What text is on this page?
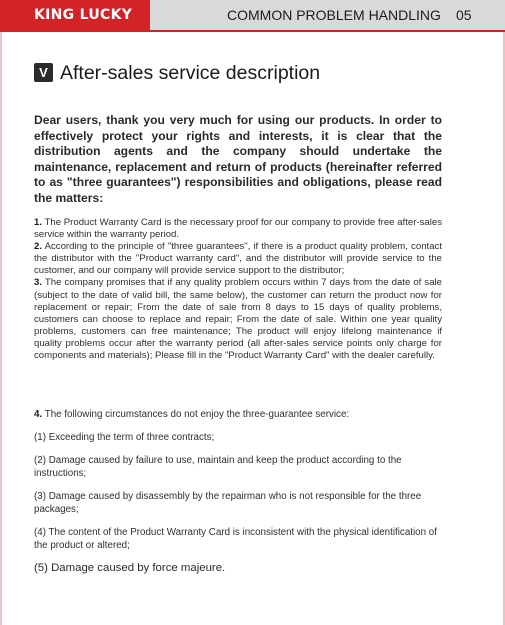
KING LUCKY	COMMON PROBLEM HANDLING 05
V After-sales service description
Dear users, thank you very much for using our products. In order to effectively protect your rights and interests, it is clear that the distribution agents and the company should undertake the maintenance, replacement and return of products (hereinafter referred to as "three guarantees") responsibilities and obligations, please read the matters:

1. The Product Warranty Card is the necessary proof for our company to provide free after-sales service within the warranty period.

2. According to the principle of "three guarantees", if there is a product quality problem, contact the distributor with the "Product warranty card", and the distributor will provide service to the customer, and our company will provide service support to the distributor;

3. The company promises that if any quality problem occurs within 7 days from the date of sale (subject to the date of valid bill, the same below), the customer can return the product now for replacement or repair; From the date of sale from 8 days to 15 days of quality problems, customers can choose to replace and repair; From the date of sale. Within one year quality problems, customers can free maintenance; The product will enjoy lifelong maintenance if quality problems occur after the warranty period (all after-sales service points only charge for components and materials); Please fill in the "Product Warranty Card" with the dealer carefully.

4. The following circumstances do not enjoy the three-guarantee service:

(1) Exceeding the term of three contracts;

(2) Damage caused by failure to use, maintain and keep the product according to the instructions;

(3) Damage caused by disassembly by the repairman who is not responsible for the three packages;

(4) The content of the Product Warranty Card is inconsistent with the physical identification of the product or altered;

(5) Damage caused by force majeure.
